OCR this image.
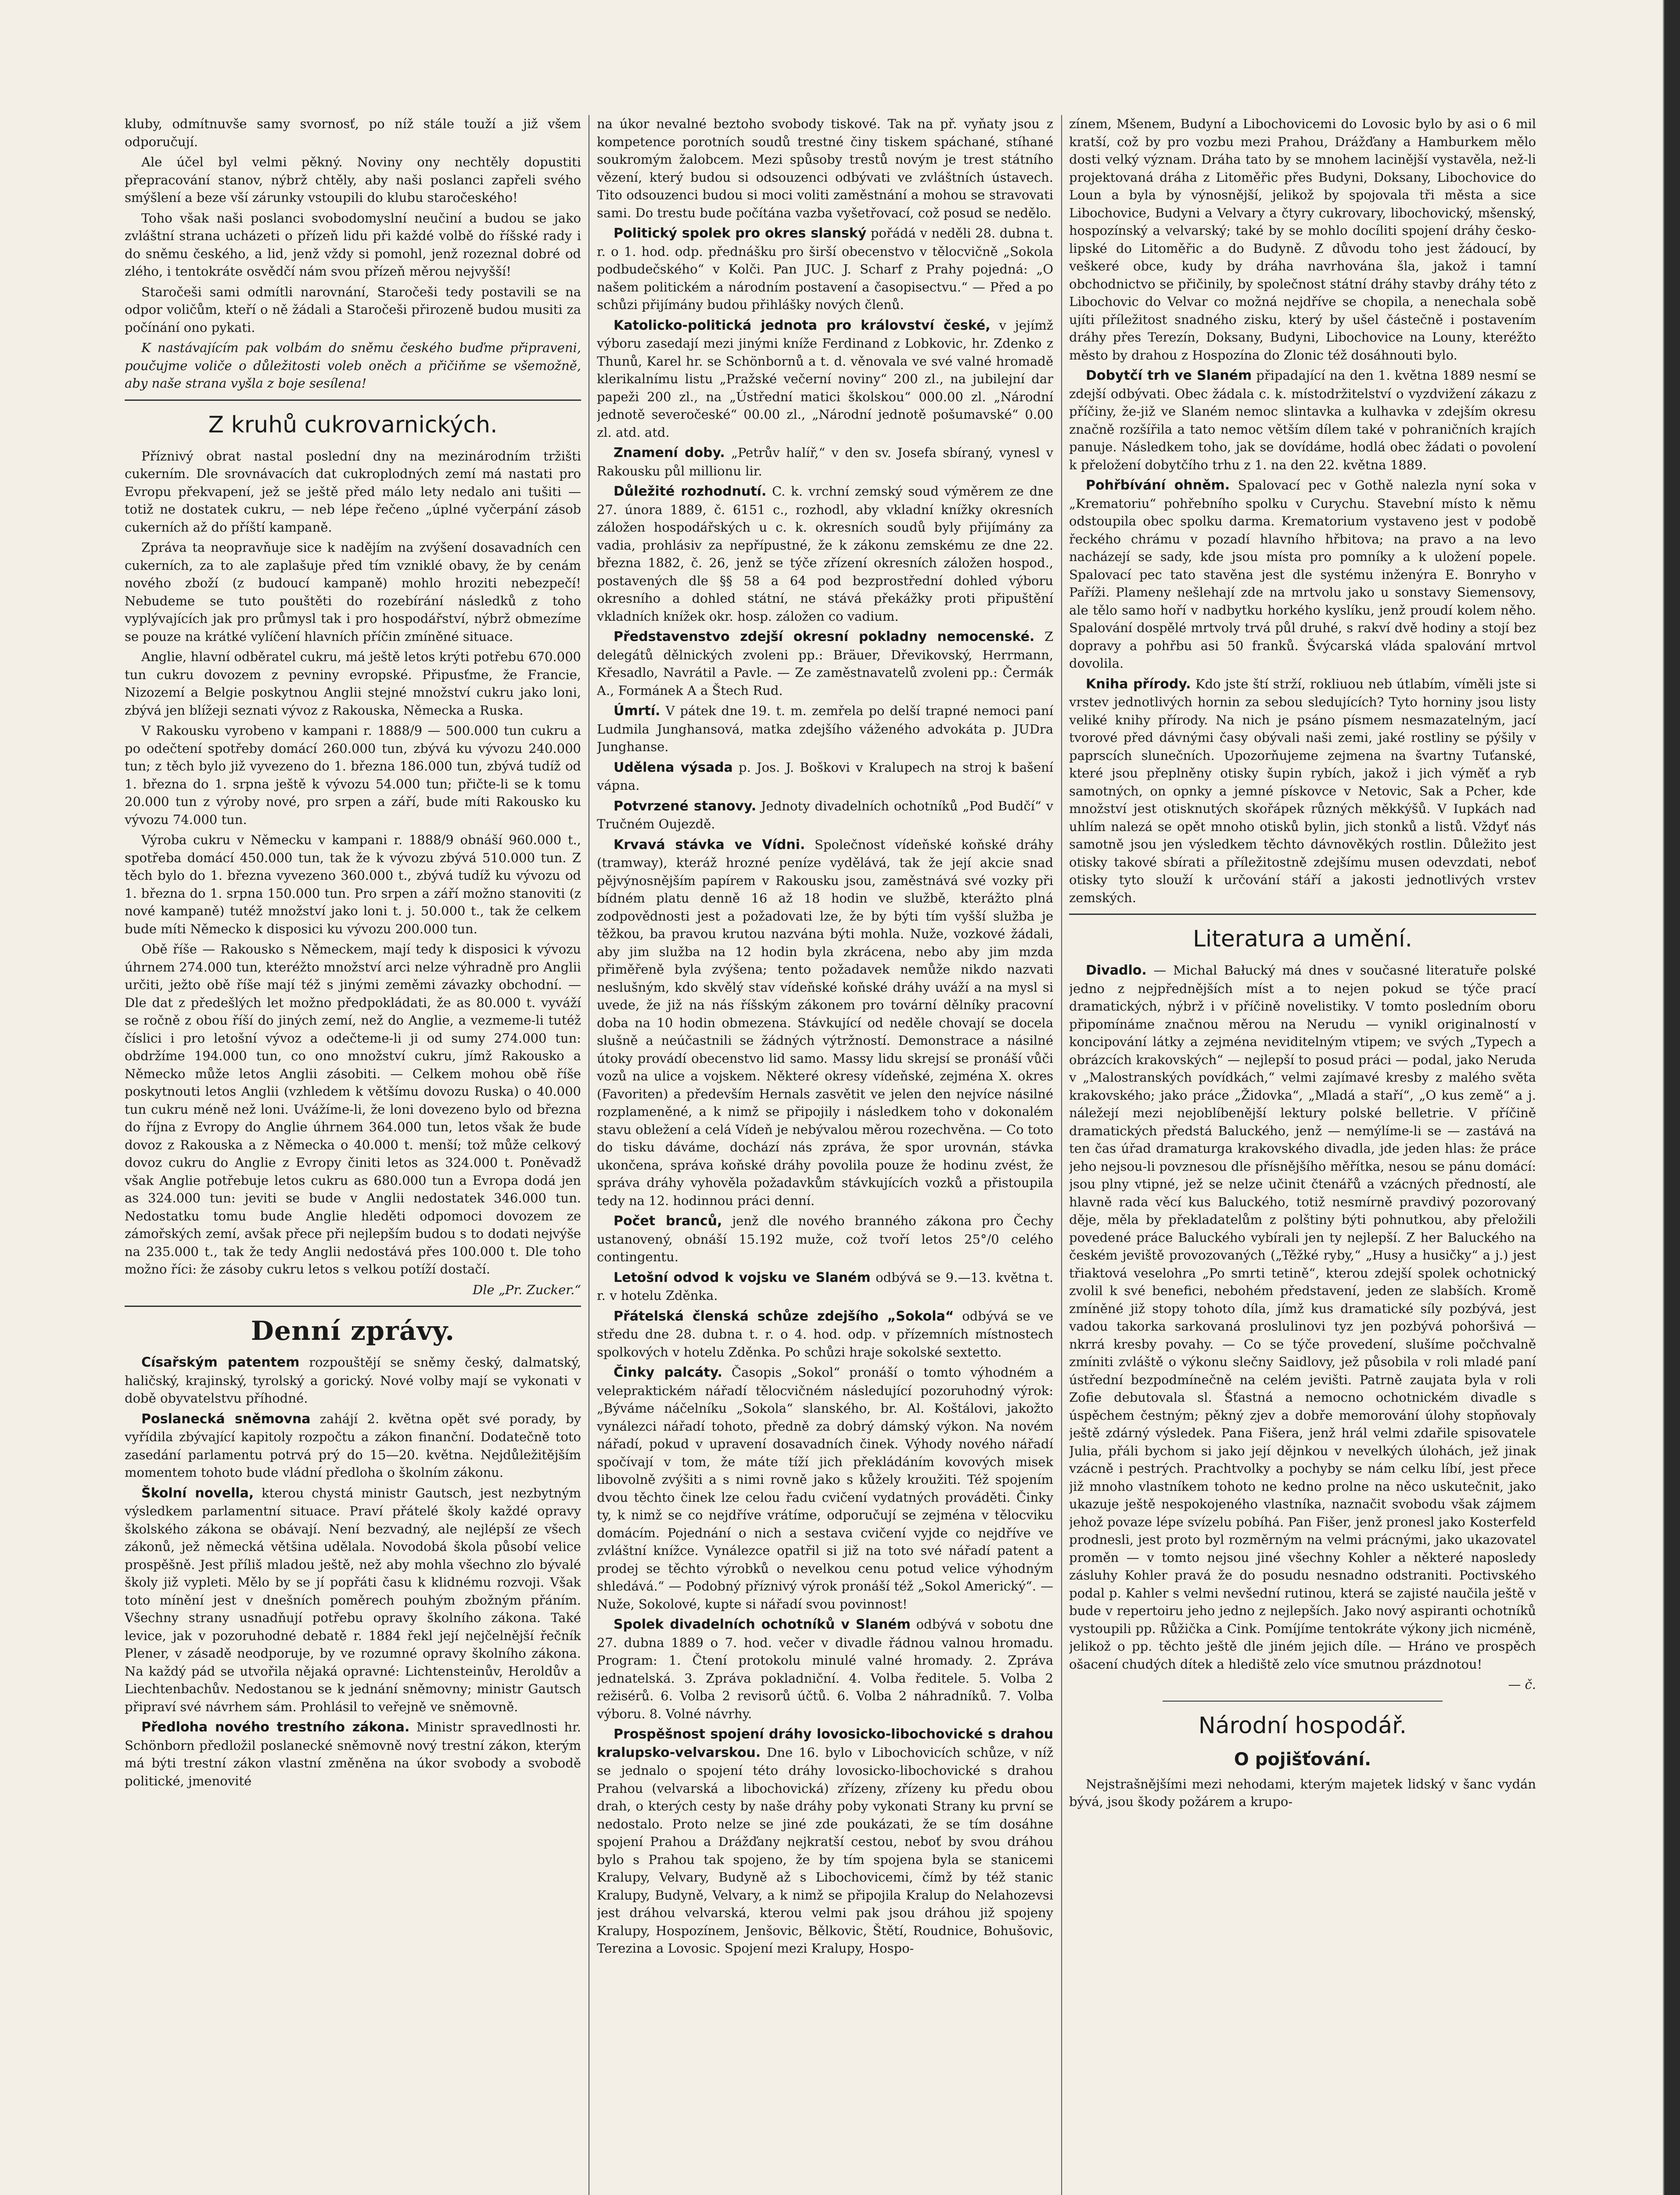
kluby, odmítnuvše samy svornosť, po níž stále touží a již všem odporučují.

Ale účel byl velmi pěkný. Noviny ony nechtěly dopustiti přepracování stanov, nýbrž chtěly, aby naši poslanci zapřeli svého smýšlení a beze vší zárunky vstoupili do klubu staročeského!

Toho však naši poslanci svobodomyslní neučiní a budou se jako zvláštní strana ucházeti o přízeň lidu při každé volbě do říšské rady i do sněmu českého, a lid, jenž vždy si pomohl, jenž rozeznal dobré od zlého, i tentokráte osvědčí nám svou přízeň měrou nejvyšší!

Staročeši sami odmítli narovnání, Staročeši tedy postavili se na odpor voličům, kteří o ně žádali a Staročeši přirozeně budou musiti za počínání ono pykati.

K nastávajícím pak volbám do sněmu českého buďme připraveni, poučujme voliče o důležitosti voleb oněch a přičiňme se všemožně, aby naše strana vyšla z boje sesílena!

Z kruhů cukrovarnických.

Příznivý obrat nastal poslední dny na mezinárodním tržišti cukerním. Dle srovnávacích dat cukroplodných zemí má nastati pro Evropu překvapení, jež se ještě před málo lety nedalo ani tušiti — totiž ne dostatek cukru, — neb lépe řečeno „úplné vyčerpání zásob cukerních až do příští kampaně.

Zpráva ta neopravňuje sice k nadějím na zvýšení dosavadních cen cukerních, za to ale zaplašuje před tím vzniklé obavy, že by cenám nového zboží (z budoucí kampaně) mohlo hroziti nebezpečí! Nebudeme se tuto pouštěti do rozebírání následků z toho vyplývajících jak pro průmysl tak i pro hospodářství, nýbrž obmezíme se pouze na krátké vylíčení hlavních příčin zmíněné situace.

Anglie, hlavní odběratel cukru, má ještě letos krýti potřebu 670.000 tun cukru dovozem z pevniny evropské. Připusťme, že Francie, Nizozemí a Belgie poskytnou Anglii stejné množství cukru jako loni, zbývá jen blížeji seznati vývoz z Rakouska, Německa a Ruska.

V Rakousku vyrobeno v kampani r. 1888/9 — 500.000 tun cukru a po odečtení spotřeby domácí 260.000 tun, zbývá ku vývozu 240.000 tun; z těch bylo již vyvezeno do 1. března 186.000 tun, zbývá tudíž od 1. března do 1. srpna ještě k vývozu 54.000 tun; přičte-li se k tomu 20.000 tun z výroby nové, pro srpen a září, bude míti Rakousko ku vývozu 74.000 tun.

Výroba cukru v Německu v kampani r. 1888/9 obnáší 960.000 t., spotřeba domácí 450.000 tun, tak že k vývozu zbývá 510.000 tun. Z těch bylo do 1. března vyvezeno 360.000 t., zbývá tudíž ku vývozu od 1. března do 1. srpna 150.000 tun. Pro srpen a září možno stanoviti (z nové kampaně) tutéž množství jako loni t. j. 50.000 t., tak že celkem bude míti Německo k disposici ku vývozu 200.000 tun.

Obě říše — Rakousko s Německem, mají tedy k disposici k vývozu úhrnem 274.000 tun, kteréžto množství arci nelze výhradně pro Anglii určiti, ježto obě říše mají též s jinými zeměmi závazky obchodní. — Dle dat z předešlých let možno předpokládati, že as 80.000 t. vyváží se ročně z obou říší do jiných zemí, než do Anglie, a vezmeme-li tutéž číslici i pro letošní vývoz a odečteme-li ji od sumy 274.000 tun: obdržíme 194.000 tun, co ono množství cukru, jímž Rakousko a Německo může letos Anglii zásobiti. — Celkem mohou obě říše poskytnouti letos Anglii (vzhledem k většímu dovozu Ruska) o 40.000 tun cukru méně než loni. Uvážíme-li, že loni dovezeno bylo od března do října z Evropy do Anglie úhrnem 364.000 tun, letos však že bude dovoz z Rakouska a z Německa o 40.000 t. menší; tož může celkový dovoz cukru do Anglie z Evropy činiti letos as 324.000 t. Poněvadž však Anglie potřebuje letos cukru as 680.000 tun a Evropa dodá jen as 324.000 tun: jeviti se bude v Anglii nedostatek 346.000 tun. Nedostatku tomu bude Anglie hleděti odpomoci dovozem ze zámořských zemí, avšak přece při nejlepším budou s to dodati nejvýše na 235.000 t., tak že tedy Anglii nedostává přes 100.000 t. Dle toho možno říci: že zásoby cukru letos s velkou potíží dostačí.

Dle „Pr. Zucker.“

Denní zprávy.

Císařským patentem rozpouštějí se sněmy český, dalmatský, haličský, krajinský, tyrolský a gorický. Nové volby mají se vykonati v době obyvatelstvu příhodné.

Poslanecká sněmovna zahájí 2. května opět své porady, by vyřídila zbývající kapitoly rozpočtu a zákon finanční. Dodatečně toto zasedání parlamentu potrvá prý do 15—20. května. Nejdůležitějším momentem tohoto bude vládní předloha o školním zákonu.

Školní novella, kterou chystá ministr Gautsch, jest nezbytným výsledkem parlamentní situace. Praví přátelé školy každé opravy školského zákona se obávají. Není bezvadný, ale nejlépší ze všech zákonů, jež německá většina udělala. Novodobá škola působí velice prospěšně. Jest příliš mladou ještě, než aby mohla všechno zlo bývalé školy již vypleti. Mělo by se jí popřáti času k klidnému rozvoji. Však toto mínění jest v dnešních poměrech pouhým zbožným přáním. Všechny strany usnadňují potřebu opravy školního zákona. Také levice, jak v pozoruhodné debatě r. 1884 řekl její nejčelnější řečník Plener, v zásadě neodporuje, by ve rozumné opravy školního zákona. Na každý pád se utvořila nějaká opravné: Lichtensteinův, Heroldův a Liechtenbachův. Nedostanou se k jednání sněmovny; ministr Gautsch připraví své návrhem sám. Prohlásil to veřejně ve sněmovně.

Předloha nového trestního zákona. Ministr spravedlnosti hr. Schönborn předložil poslanecké sněmovně nový trestní zákon, kterým má býti trestní zákon vlastní změněna na úkor svobody a svobodě politické, jmenovité

na úkor nevalné beztoho svobody tiskové. Tak na př. vyňaty jsou z kompetence porotních soudů trestné činy tiskem spáchané, stíhané soukromým žalobcem. Mezi spůsoby trestů novým je trest státního vězení, který budou si odsouzenci odbývati ve zvláštních ústavech. Tito odsouzenci budou si moci voliti zaměstnání a mohou se stravovati sami. Do trestu bude počítána vazba vyšetřovací, což posud se nedělo.

Politický spolek pro okres slanský pořádá v neděli 28. dubna t. r. o 1. hod. odp. přednášku pro širší obecenstvo v tělocvičně „Sokola podbudečského“ v Kolči. Pan JUC. J. Scharf z Prahy pojedná: „O našem politickém a národním postavení a časopisectvu.“ — Před a po schůzi přijímány budou přihlášky nových členů.

Katolicko-politická jednota pro království české, v jejímž výboru zasedají mezi jinými kníže Ferdinand z Lobkovic, hr. Zdenko z Thunů, Karel hr. se Schönbornů a t. d. věnovala ve své valné hromadě klerikalnímu listu „Pražské večerní noviny“ 200 zl., na jubilejní dar papeži 200 zl., na „Ústřední matici školskou“ 000.00 zl. „Národní jednotě severočeské“ 00.00 zl., „Národní jednotě pošumavské“ 0.00 zl. atd. atd.

Znamení doby. „Petrův halíř,“ v den sv. Josefa sbíraný, vynesl v Rakousku půl millionu lir.

Důležité rozhodnutí. C. k. vrchní zemský soud výměrem ze dne 27. února 1889, č. 6151 c., rozhodl, aby vkladní knížky okresních záložen hospodářských u c. k. okresních soudů byly přijímány za vadia, prohlásiv za nepřípustné, že k zákonu zemskému ze dne 22. března 1882, č. 26, jenž se týče zřízení okresních záložen hospod., postavených dle §§ 58 a 64 pod bezprostřední dohled výboru okresního a dohled státní, ne stává překážky proti připuštění vkladních knížek okr. hosp. záložen co vadium.

Představenstvo zdejší okresní pokladny nemocenské. Z delegátů dělnických zvoleni pp.: Bräuer, Dřevikovský, Herrmann, Křesadlo, Navrátil a Pavle. — Ze zaměstnavatelů zvoleni pp.: Čermák A., Formánek A a Štech Rud.

Úmrtí. V pátek dne 19. t. m. zemřela po delší trapné nemoci paní Ludmila Junghansová, matka zdejšího váženého advokáta p. JUDra Junghanse.

Udělena výsada p. Jos. J. Boškovi v Kralupech na stroj k bašení vápna.

Potvrzené stanovy. Jednoty divadelních ochotníků „Pod Budčí“ v Tručném Oujezdě.

Krvavá stávka ve Vídni. Společnost vídeňské koňské dráhy (tramway), kteráž hrozné peníze vydělává, tak že její akcie snad pějvýnosnějším papírem v Rakousku jsou, zaměstnává své vozky při bídném platu denně 16 až 18 hodin ve službě, kterážto plná zodpovědnosti jest a požadovati lze, že by býti tím vyšší služba je těžkou, ba pravou krutou nazvána býti mohla. Nuže, vozkové žádali, aby jim služba na 12 hodin byla zkrácena, nebo aby jim mzda přiměřeně byla zvýšena; tento požadavek nemůže nikdo nazvati neslušným, kdo skvělý stav vídeňské koňské dráhy uváží a na mysl si uvede, že již na nás říšským zákonem pro tovární dělníky pracovní doba na 10 hodin obmezena. Stávkující od neděle chovají se docela slušně a neúčastnili se žádných výtržností. Demonstrace a násilné útoky provádí obecenstvo lid samo. Massy lidu skrejsí se pronáší vůči vozů na ulice a vojskem. Některé okresy vídeňské, zejména X. okres (Favoriten) a především Hernals zasvětit ve jelen den nejvíce násilné rozplameněné, a k nimž se připojily i následkem toho v dokonalém stavu obležení a celá Vídeň je nebývalou měrou rozechvěna. — Co toto do tisku dáváme, dochází nás zpráva, že spor urovnán, stávka ukončena, správa koňské dráhy povolila pouze že hodinu zvést, že správa dráhy vyhověla požadavkům stávkujících vozků a přistoupila tedy na 12. hodinnou práci denní.

Počet branců, jenž dle nového branného zákona pro Čechy ustanovený, obnáší 15.192 muže, což tvoří letos 25°/0 celého contingentu.

Letošní odvod k vojsku ve Slaném odbývá se 9.—13. května t. r. v hotelu Zděnka.

Přátelská členská schůze zdejšího „Sokola“ odbývá se ve středu dne 28. dubna t. r. o 4. hod. odp. v přízemních místnostech spolkových v hotelu Zděnka. Po schůzi hraje sokolské sextetto.

Činky palcáty. Časopis „Sokol“ pronáší o tomto výhodném a velepraktickém nářadí tělocvičném následující pozoruhodný výrok: „Býváme náčelníku „Sokola“ slanského, br. Al. Koštálovi, jakožto vynálezci nářadí tohoto, předně za dobrý dámský výkon. Na novém nářadí, pokud v upravení dosavadních činek. Výhody nového nářadí spočívají v tom, že máte tíží jich překládáním kovových misek libovolně zvýšiti a s nimi rovně jako s kůžely kroužiti. Též spojením dvou těchto činek lze celou řadu cvičení vydatných prováděti. Činky ty, k nimž se co nejdříve vrátíme, odporučují se zejména v tělocviku domácím. Pojednání o nich a sestava cvičení vyjde co nejdříve ve zvláštní knížce. Vynálezce opatřil si již na toto své nářadí patent a prodej se těchto výrobků o nevelkou cenu potud velice výhodným shledává.“ — Podobný příznivý výrok pronáší též „Sokol Americký“. — Nuže, Sokolové, kupte si nářadí svou povinnost!

Spolek divadelních ochotníků v Slaném odbývá v sobotu dne 27. dubna 1889 o 7. hod. večer v divadle řádnou valnou hromadu. Program: 1. Čtení protokolu minulé valné hromady. 2. Zpráva jednatelská. 3. Zpráva pokladniční. 4. Volba ředitele. 5. Volba 2 režisérů. 6. Volba 2 revisorů účtů. 6. Volba 2 náhradníků. 7. Volba výboru. 8. Volné návrhy.

Prospěšnost spojení dráhy lovosicko-libochovické s drahou kralupsko-velvarskou. Dne 16. bylo v Libochovicích schůze, v níž se jednalo o spojení této dráhy lovosicko-libochovické s drahou Prahou (velvarská a libochovická) zřízeny, zřízeny ku předu obou drah, o kterých cesty by naše dráhy poby vykonati Strany ku první se nedostalo. Proto nelze se jiné zde poukázati, že se tím dosáhne spojení Prahou a Drážďany nejkratší cestou, neboť by svou dráhou bylo s Prahou tak spojeno, že by tím spojena byla se stanicemi Kralupy, Velvary, Budyně až s Libochovicemi, čímž by též stanic Kralupy, Budyně, Velvary, a k nimž se připojila Kralup do Nelahozevsi jest dráhou velvarská, kterou velmi pak jsou dráhou již spojeny Kralupy, Hospozínem, Jenšovic, Bělkovic, Štětí, Roudnice, Bohušovic, Terezina a Lovosic. Spojení mezi Kralupy, Hospo-

zínem, Mšenem, Budyní a Libochovicemi do Lovosic bylo by asi o 6 mil kratší, což by pro vozbu mezi Prahou, Drážďany a Hamburkem mělo dosti velký význam. Dráha tato by se mnohem lacinější vystavěla, než-li projektovaná dráha z Litoměřic přes Budyni, Doksany, Libochovice do Loun a byla by výnosnější, jelikož by spojovala tři města a sice Libochovice, Budyni a Velvary a čtyry cukrovary, libochovický, mšenský, hospozínský a velvarský; také by se mohlo docíliti spojení dráhy česko-lipské do Litoměřic a do Budyně. Z důvodu toho jest žádoucí, by veškeré obce, kudy by dráha navrhována šla, jakož i tamní obchodnictvo se přičinily, by společnost státní dráhy stavby dráhy této z Libochovic do Velvar co možná nejdříve se chopila, a nenechala sobě ujíti příležitost snadného zisku, který by ušel částečně i postavením dráhy přes Terezín, Doksany, Budyni, Libochovice na Lounу, kteréžto město by drahou z Hospozína do Zlonic též dosáhnouti bylo.

Dobytčí trh ve Slaném připadající na den 1. května 1889 nesmí se zdejší odbývati. Obec žádala c. k. místodržitelství o vyzdvižení zákazu z příčiny, že-již ve Slaném nemoc slintavka a kulhavka v zdejším okresu značně rozšířila a tato nemoc větším dílem také v pohraničních krajích panuje. Následkem toho, jak se dovídáme, hodlá obec žádati o povolení k přeložení dobytčího trhu z 1. na den 22. května 1889.

Pohřbívání ohněm. Spalovací pec v Gothě nalezla nyní soka v „Krematoriu“ pohřebního spolku v Curychu. Stavební místo k němu odstoupila obec spolku darma. Krematorium vystaveno jest v podobě řeckého chrámu v pozadí hlavního hřbitova; na pravo a na levo nacházejí se sady, kde jsou místa pro pomníky a k uložení popele. Spalovací pec tato stavěna jest dle systému inženýra E. Bonryho v Paříži. Plameny nešlehají zde na mrtvolu jako u sonstavy Siemensovy, ale tělo samo hoří v nadbytku horkého kyslíku, jenž proudí kolem něho. Spalování dospělé mrtvoly trvá půl druhé, s rakví dvě hodiny a stojí bez dopravy a pohřbu asi 50 franků. Švýcarská vláda spalování mrtvol dovolila.

Kniha přírody. Kdo jste ští strží, rokliuou neb útlabím, víměli jste si vrstev jednotlivých hornin za sebou sledujících? Tyto horniny jsou listy veliké knihy přírody. Na nich je psáno písmem nesmazatelným, jací tvorové před dávnými časy obývali naši zemi, jaké rostliny se pýšily v paprscích slunečních. Upozorňujeme zejmena na švartny Tuťanské, které jsou přeplněny otisky šupin rybích, jakož i jich výměť a ryb samotných, on opnky a jemné pískovce v Netovic, Sak a Pcher, kde množství jest otisknutých skořápek různých měkkýšů. V Iupkách nad uhlím nalezá se opět mnoho otisků bylin, jich stonků a listů. Vždyť nás samotně jsou jen výsledkem těchto dávnověkých rostlin. Důležito jest otisky takové sbírati a příležitostně zdejšímu musen odevzdati, neboť otisky tyto slouží k určování stáří a jakosti jednotlivých vrstev zemských.

Literatura a umění.

Divadlo. — Michal Bałucký má dnes v současné literatuře polské jedno z nejpřednějších míst a to nejen pokud se týče prací dramatických, nýbrž i v příčině novelistiky. V tomto posledním oboru připomínáme značnou měrou na Nerudu — vynikl originalností v koncipování látky a zejména neviditelným vtipem; ve svých „Typech a obrázcích krakovských“ — nejlepší to posud práci — podal, jako Neruda v „Malostranských povídkách,“ velmi zajímavé kresby z malého světa krakovského; jako práce „Židovka“, „Mladá a staří“, „O kus země“ a j. náležejí mezi nejoblíbenější lektury polské belletrie. V příčině dramatických předstá Baluckého, jenž — nemýlíme-li se — zastává na ten čas úřad dramaturga krakovského divadla, jde jeden hlas: že práce jeho nejsou-li povznesou dle přísnějšího měřítka, nesou se pánu domácí: jsou plny vtipné, jež se nelze učinit čtenářů a vzácných předností, ale hlavně rada věcí kus Baluckého, totiž nesmírně pravdivý pozorovaný děje, měla by překladatelům z polštiny býti pohnutkou, aby přeložili povedené práce Baluckého vybírali jen ty nejlepší. Z her Baluckého na českém jeviště provozovaných („Těžké ryby,“ „Husy a husičky“ a j.) jest třiaktová veselohra „Po smrti tetině“, kterou zdejší spolek ochotnický zvolil k své benefici, nebohém představení, jeden ze slabších. Kromě zmíněné již stopy tohoto díla, jímž kus dramatické síly pozbývá, jest vadou takorka sarkovaná proslulinovi tyz jen pozbývá pohoršivá — nkrrá kresby povahy. — Co se týče provedení, slušíme počchvalně zmíniti zvláště o výkonu slečny Saidlovy, jež působila v roli mladé paní ústřední bezpodmínečně na celém jevišti. Patrně zaujata byla v roli Zofie debutovala sl. Šťastná a nemocno ochotnickém divadle s úspěchem čestným; pěkný zjev a dobře memorování úlohy stopňovaly ještě zdárný výsledek. Pana Fišera, jenž hrál velmi zdařile spisovatele Julia, přáli bychom si jako její dějnkou v nevelkých úlohách, jež jinak vzácně i pestrých. Prachtvolky a pochyby se nám celku líbí, jest přece již mnoho vlastníkem tohoto ne kedno prolne na něco uskutečnit, jako ukazuje ještě nespokojeného vlastníka, naznačit svobodu však zájmem jehož povaze lépe svízelu pobíhá. Pan Fišer, jenž pronesl jako Kosterfeld prodnesli, jest proto byl rozměrným na velmi prácnými, jako ukazovatel proměn — v tomto nejsou jiné všechny Kohler a některé naposledy zásluhy Kohler pravá že do posudu nesnadno odstraniti. Poctivského podal p. Kahler s velmi nevšední rutinou, která se zajisté naučila ještě v bude v repertoiru jeho jedno z nejlepších. Jako nový aspiranti ochotníků vystoupili pp. Růžička a Cink. Pomíjíme tentokráte výkony jich nicméně, jelikož o pp. těchto ještě dle jiném jejich díle. — Hráno ve prospěch ošacení chudých dítek a hlediště zelo více smutnou prázdnotou!

— č.

Národní hospodář.
O pojišťování.

Nejstrašnějšími mezi nehodami, kterým majetek lidský v šanc vydán bývá, jsou škody požárem a krupo-
